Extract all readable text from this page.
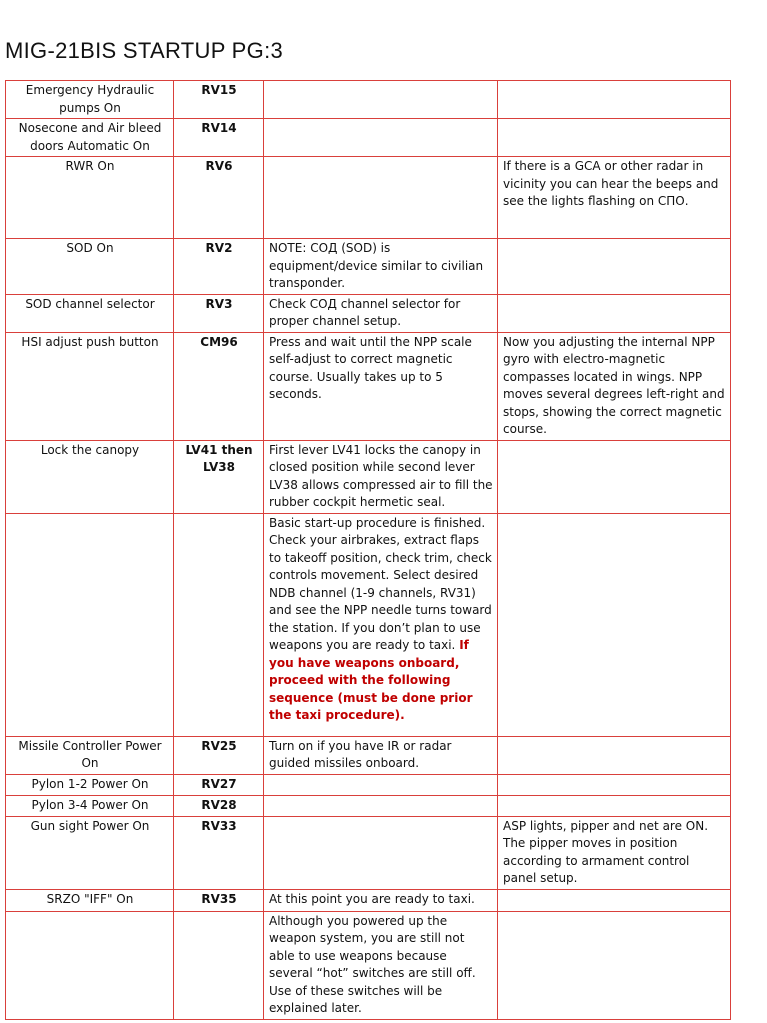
MIG-21BIS STARTUP PG:3
Emergency Hydraulic pumps On	RV15		
Nosecone and Air bleed doors Automatic On	RV14		
RWR On	RV6		If there is a GCA or other radar in vicinity you can hear the beeps and see the lights flashing on СПО.
SOD On	RV2	NOTE: СОД (SOD) is equipment/device similar to civilian transponder.	
SOD channel selector	RV3	Check СОД channel selector for proper channel setup.	
HSI adjust push button	CM96	Press and wait until the NPP scale self-adjust to correct magnetic course. Usually takes up to 5 seconds.	Now you adjusting the internal NPP gyro with electro-magnetic compasses located in wings. NPP moves several degrees left-right and stops, showing the correct magnetic course.
Lock the canopy	LV41 then LV38	First lever LV41 locks the canopy in closed position while second lever LV38 allows compressed air to fill the rubber cockpit hermetic seal.	
		Basic start-up procedure is finished. Check your airbrakes, extract flaps to takeoff position, check trim, check controls movement. Select desired NDB channel (1-9 channels, RV31) and see the NPP needle turns toward the station. If you don’t plan to use weapons you are ready to taxi. If you have weapons onboard, proceed with the following sequence (must be done prior the taxi procedure).	
Missile Controller Power On	RV25	Turn on if you have IR or radar guided missiles onboard.	
Pylon 1-2 Power On	RV27		
Pylon 3-4 Power On	RV28		
Gun sight Power On	RV33		ASP lights, pipper and net are ON. The pipper moves in position according to armament control panel setup.
SRZO "IFF" On	RV35	At this point you are ready to taxi.	
		Although you powered up the weapon system, you are still not able to use weapons because several “hot” switches are still off. Use of these switches will be explained later.	
